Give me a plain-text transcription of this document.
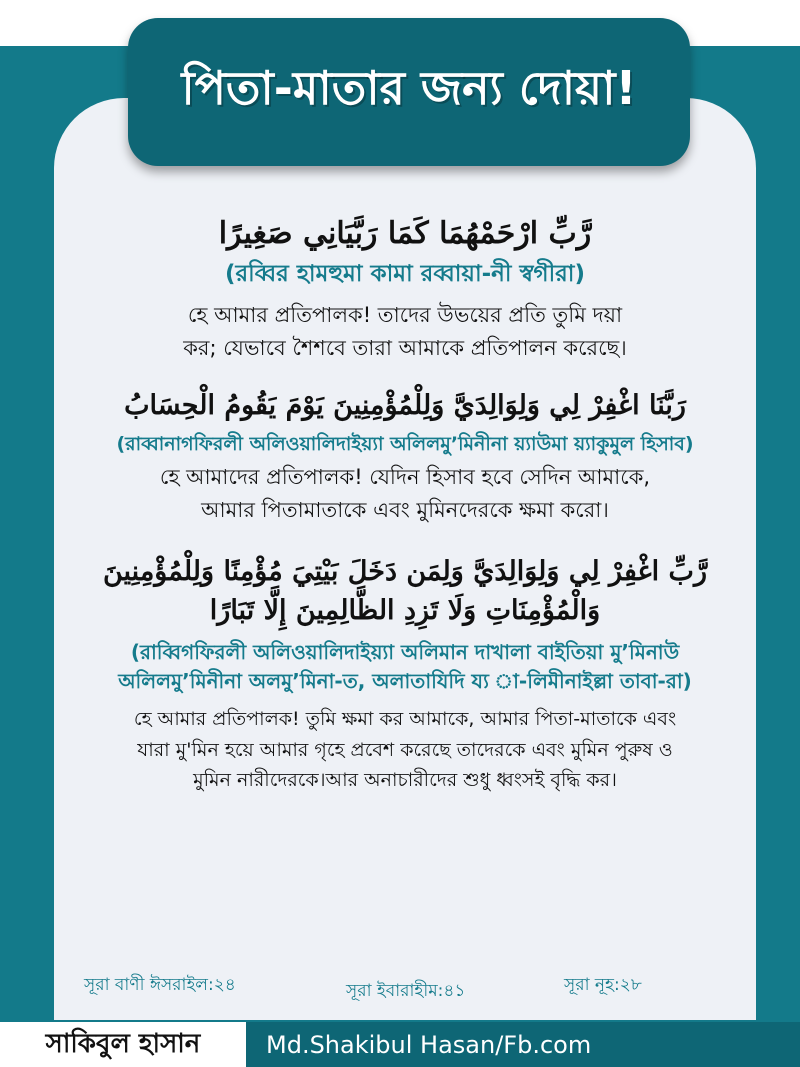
পিতা-মাতার জন্য দোয়া!
رَّبِّ ارْحَمْهُمَا كَمَا رَبَّيَانِي صَغِيرًا
(রব্বির হামহুমা কামা রব্বায়া-নী স্বগীরা)
হে আমার প্রতিপালক! তাদের উভয়ের প্রতি তুমি দয়া
কর; যেভাবে শৈশবে তারা আমাকে প্রতিপালন করেছে।
رَبَّنَا اغْفِرْ لِي وَلِوَالِدَيَّ وَلِلْمُؤْمِنِينَ يَوْمَ يَقُومُ الْحِسَابُ
(রাব্বানাগফিরলী অলিওয়ালিদাইয়্যা অলিলমু’মিনীনা য়্যাউমা য়্যাকুমুল হিসাব)
হে আমাদের প্রতিপালক! যেদিন হিসাব হবে সেদিন আমাকে,
আমার পিতামাতাকে এবং মুমিনদেরকে ক্ষমা করো।
رَّبِّ اغْفِرْ لِي وَلِوَالِدَيَّ وَلِمَن دَخَلَ بَيْتِيَ مُؤْمِنًا وَلِلْمُؤْمِنِينَ
وَالْمُؤْمِنَاتِ وَلَا تَزِدِ الظَّالِمِينَ إِلَّا تَبَارًا
(রাব্বিগফিরলী অলিওয়ালিদাইয়্যা অলিমান দাখালা বাইতিয়া মু’মিনাউ
অলিলমু’মিনীনা অলমু’মিনা-ত, অলাতাযিদি য্য া-লিমীনাইল্লা তাবা-রা)
হে আমার প্রতিপালক! তুমি ক্ষমা কর আমাকে, আমার পিতা-মাতাকে এবং
যারা মু'মিন হয়ে আমার গৃহে প্রবেশ করেছে তাদেরকে এবং মুমিন পুরুষ ও
মুমিন নারীদেরকে।আর অনাচারীদের শুধু ধ্বংসই বৃদ্ধি কর।
সূরা বাণী ঈসরাইল:২৪	সূরা ইবারাহীম:৪১	সূরা নূহ:২৮
সাকিবুল হাসান	Md.Shakibul Hasan/Fb.com
